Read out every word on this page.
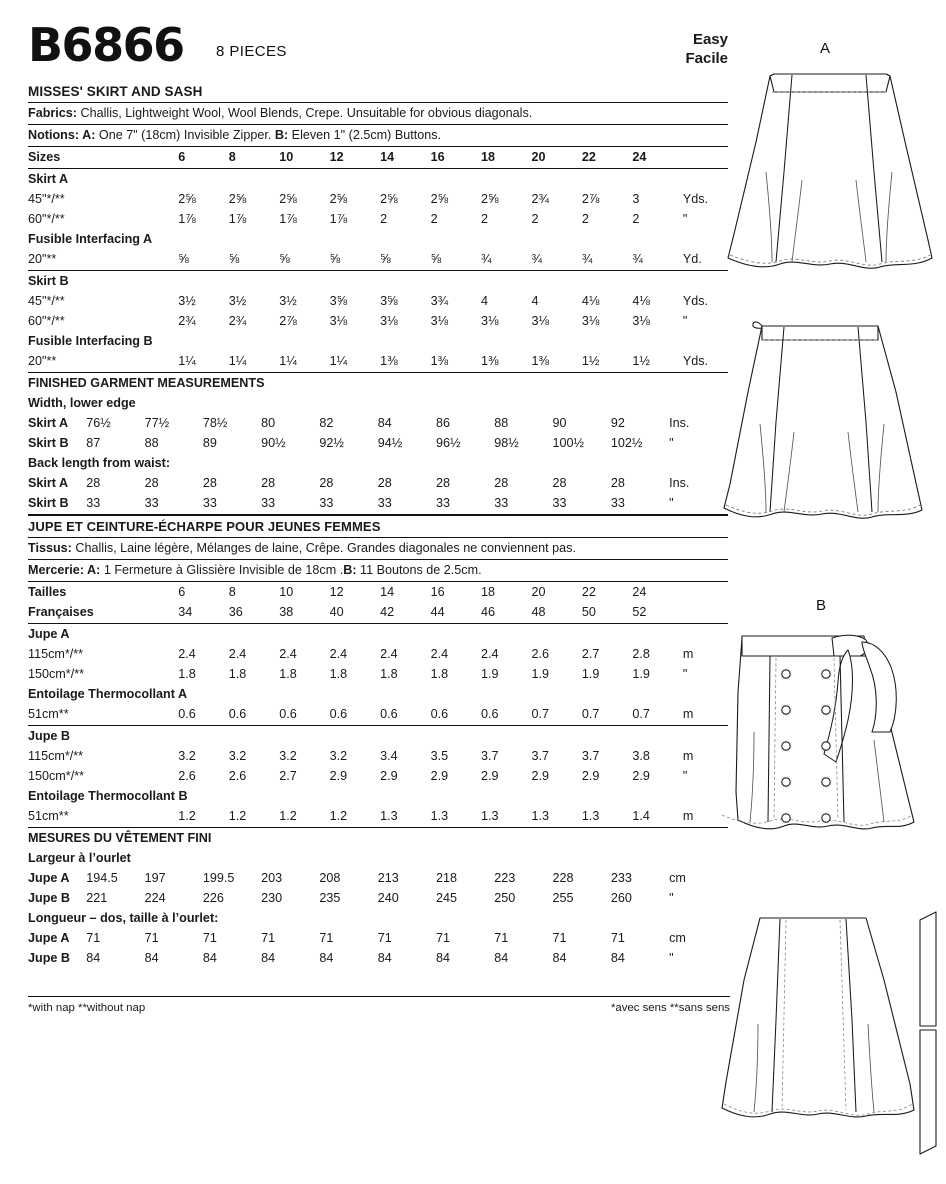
B6866 8 PIECES
MISSES' SKIRT AND SASH
Fabrics: Challis, Lightweight Wool, Wool Blends, Crepe. Unsuitable for obvious diagonals.
Notions: A: One 7" (18cm) Invisible Zipper. B: Eleven 1" (2.5cm) Buttons.
Sizes	6	8	10	12	14	16	18	20	22	24	
Skirt A											
45"*/**	2⅝	2⅝	2⅝	2⅝	2⅝	2⅝	2⅝	2¾	2⅞	3	Yds.
60"*/**	1⅞	1⅞	1⅞	1⅞	2	2	2	2	2	2	"
Fusible Interfacing A											
20"**	⅝	⅝	⅝	⅝	⅝	⅝	¾	¾	¾	¾	Yd.
Skirt B											
45"*/**	3½	3½	3½	3⅝	3⅝	3¾	4	4	4⅛	4⅛	Yds.
60"*/**	2¾	2¾	2⅞	3⅛	3⅛	3⅛	3⅛	3⅛	3⅛	3⅛	"
Fusible Interfacing B											
20"**	1¼	1¼	1¼	1¼	1⅜	1⅜	1⅜	1⅜	1½	1½	Yds.
FINISHED GARMENT MEASUREMENTS											
Width, lower edge											
Skirt A	76½	77½	78½	80	82	84	86	88	90	92	Ins.
Skirt B	87	88	89	90½	92½	94½	96½	98½	100½	102½	"
Back length from waist:											
Skirt A	28	28	28	28	28	28	28	28	28	28	Ins.
Skirt B	33	33	33	33	33	33	33	33	33	33	"
JUPE ET CEINTURE-ÉCHARPE POUR JEUNES FEMMES
Tissus: Challis, Laine légère, Mélanges de laine, Crêpe. Grandes diagonales ne conviennent pas.
Mercerie: A: 1 Fermeture à Glissière Invisible de 18cm .B: 11 Boutons de 2.5cm.
Tailles	6	8	10	12	14	16	18	20	22	24	
Françaises	34	36	38	40	42	44	46	48	50	52	
Jupe A											
115cm*/**	2.4	2.4	2.4	2.4	2.4	2.4	2.4	2.6	2.7	2.8	m
150cm*/**	1.8	1.8	1.8	1.8	1.8	1.8	1.9	1.9	1.9	1.9	"
Entoilage Thermocollant A											
51cm**	0.6	0.6	0.6	0.6	0.6	0.6	0.6	0.7	0.7	0.7	m
Jupe B											
115cm*/**	3.2	3.2	3.2	3.2	3.4	3.5	3.7	3.7	3.7	3.8	m
150cm*/**	2.6	2.6	2.7	2.9	2.9	2.9	2.9	2.9	2.9	2.9	"
Entoilage Thermocollant B											
51cm**	1.2	1.2	1.2	1.2	1.3	1.3	1.3	1.3	1.3	1.4	m
MESURES DU VÊTEMENT FINI											
Largeur à l’ourlet											
Jupe A	194.5	197	199.5	203	208	213	218	223	228	233	cm
Jupe B	221	224	226	230	235	240	245	250	255	260	"
Longueur – dos, taille à l’ourlet:											
Jupe A	71	71	71	71	71	71	71	71	71	71	cm
Jupe B	84	84	84	84	84	84	84	84	84	84	"
*with nap **without nap	*avec sens **sans sens
Easy
Facile
A
B
